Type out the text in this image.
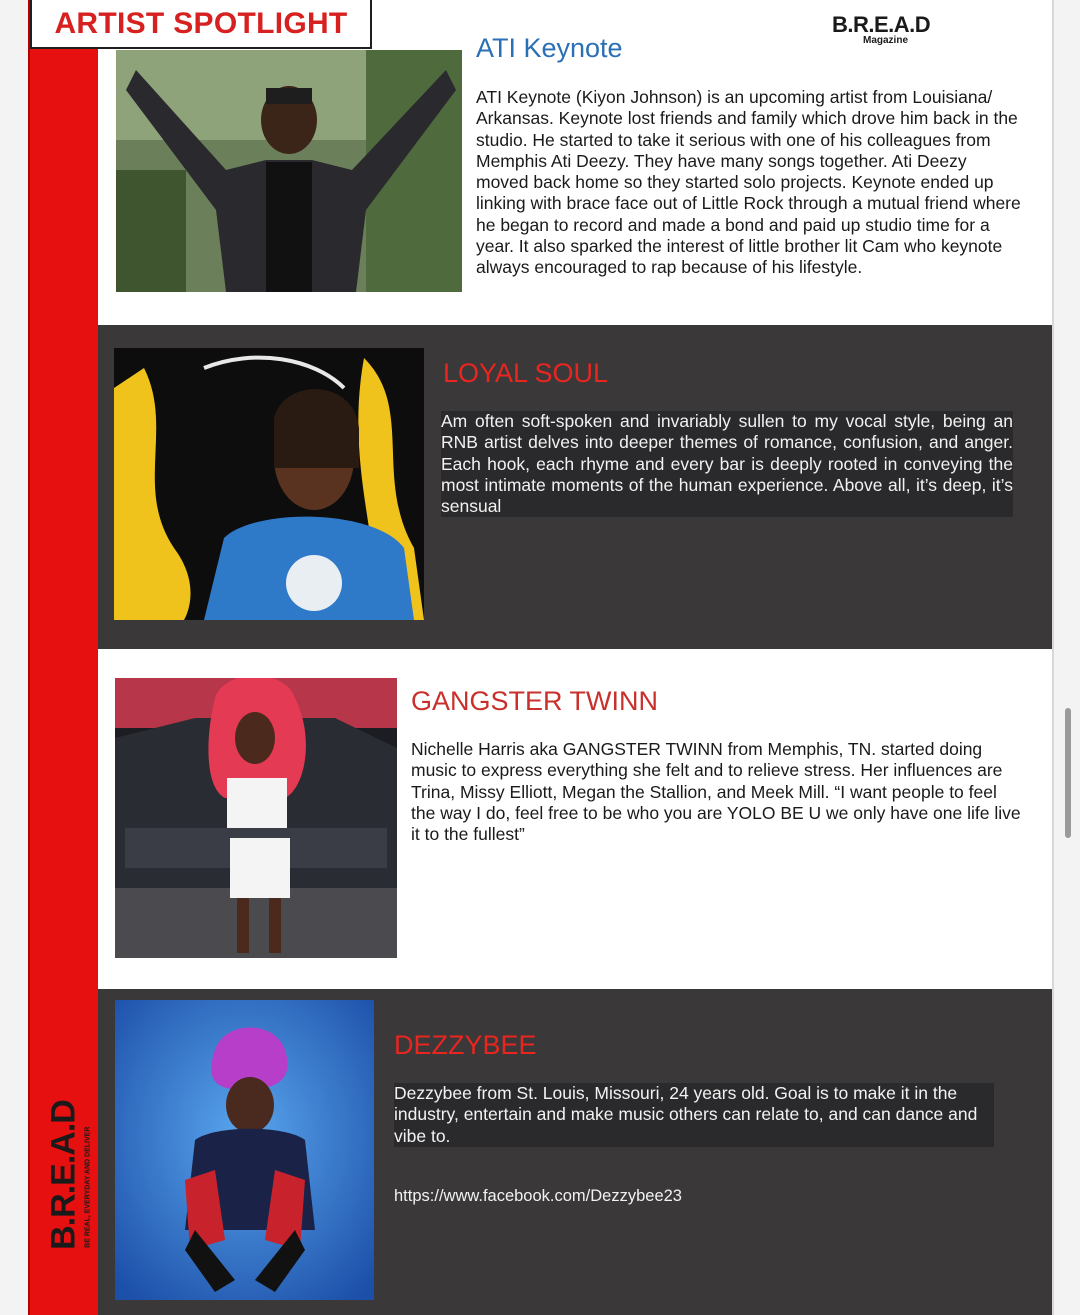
ATI Keynote
ATI Keynote (Kiyon Johnson) is an upcoming artist from Louisiana/ Arkansas. Keynote lost friends and family which drove him back in the studio. He started to take it serious with one of his colleagues from Memphis Ati Deezy. They have many songs together. Ati Deezy moved back home so they started solo projects. Keynote ended up linking with brace face out of Little Rock through a mutual friend where he began to record and made a bond and paid up studio time for a year. It also sparked the interest of little brother lit Cam who keynote always encouraged to rap because of his lifestyle.
LOYAL SOUL
Am often soft-spoken and invariably sullen to my vocal style, being an RNB artist delves into deeper themes of romance, confusion, and anger. Each hook, each rhyme and every bar is deeply rooted in conveying the most intimate moments of the human experience. Above all, it’s deep, it’s sensual
GANGSTER TWINN
Nichelle Harris aka GANGSTER TWINN from Memphis, TN. started doing music to express everything she felt and to relieve stress. Her influences are Trina, Missy Elliott, Megan the Stallion, and Meek Mill. “I want people to feel the way I do, feel free to be who you are YOLO BE U we only have one life live it to the fullest”
DEZZYBEE
Dezzybee from St. Louis, Missouri, 24 years old. Goal is to make it in the industry, entertain and make music others can relate to, and can dance and vibe to.
https://www.facebook.com/Dezzybee23
ARTIST SPOTLIGHT	B.R.E.A.D
Magazine
B.R.E.A.D BE REAL, EVERYDAY AND DELIVER
